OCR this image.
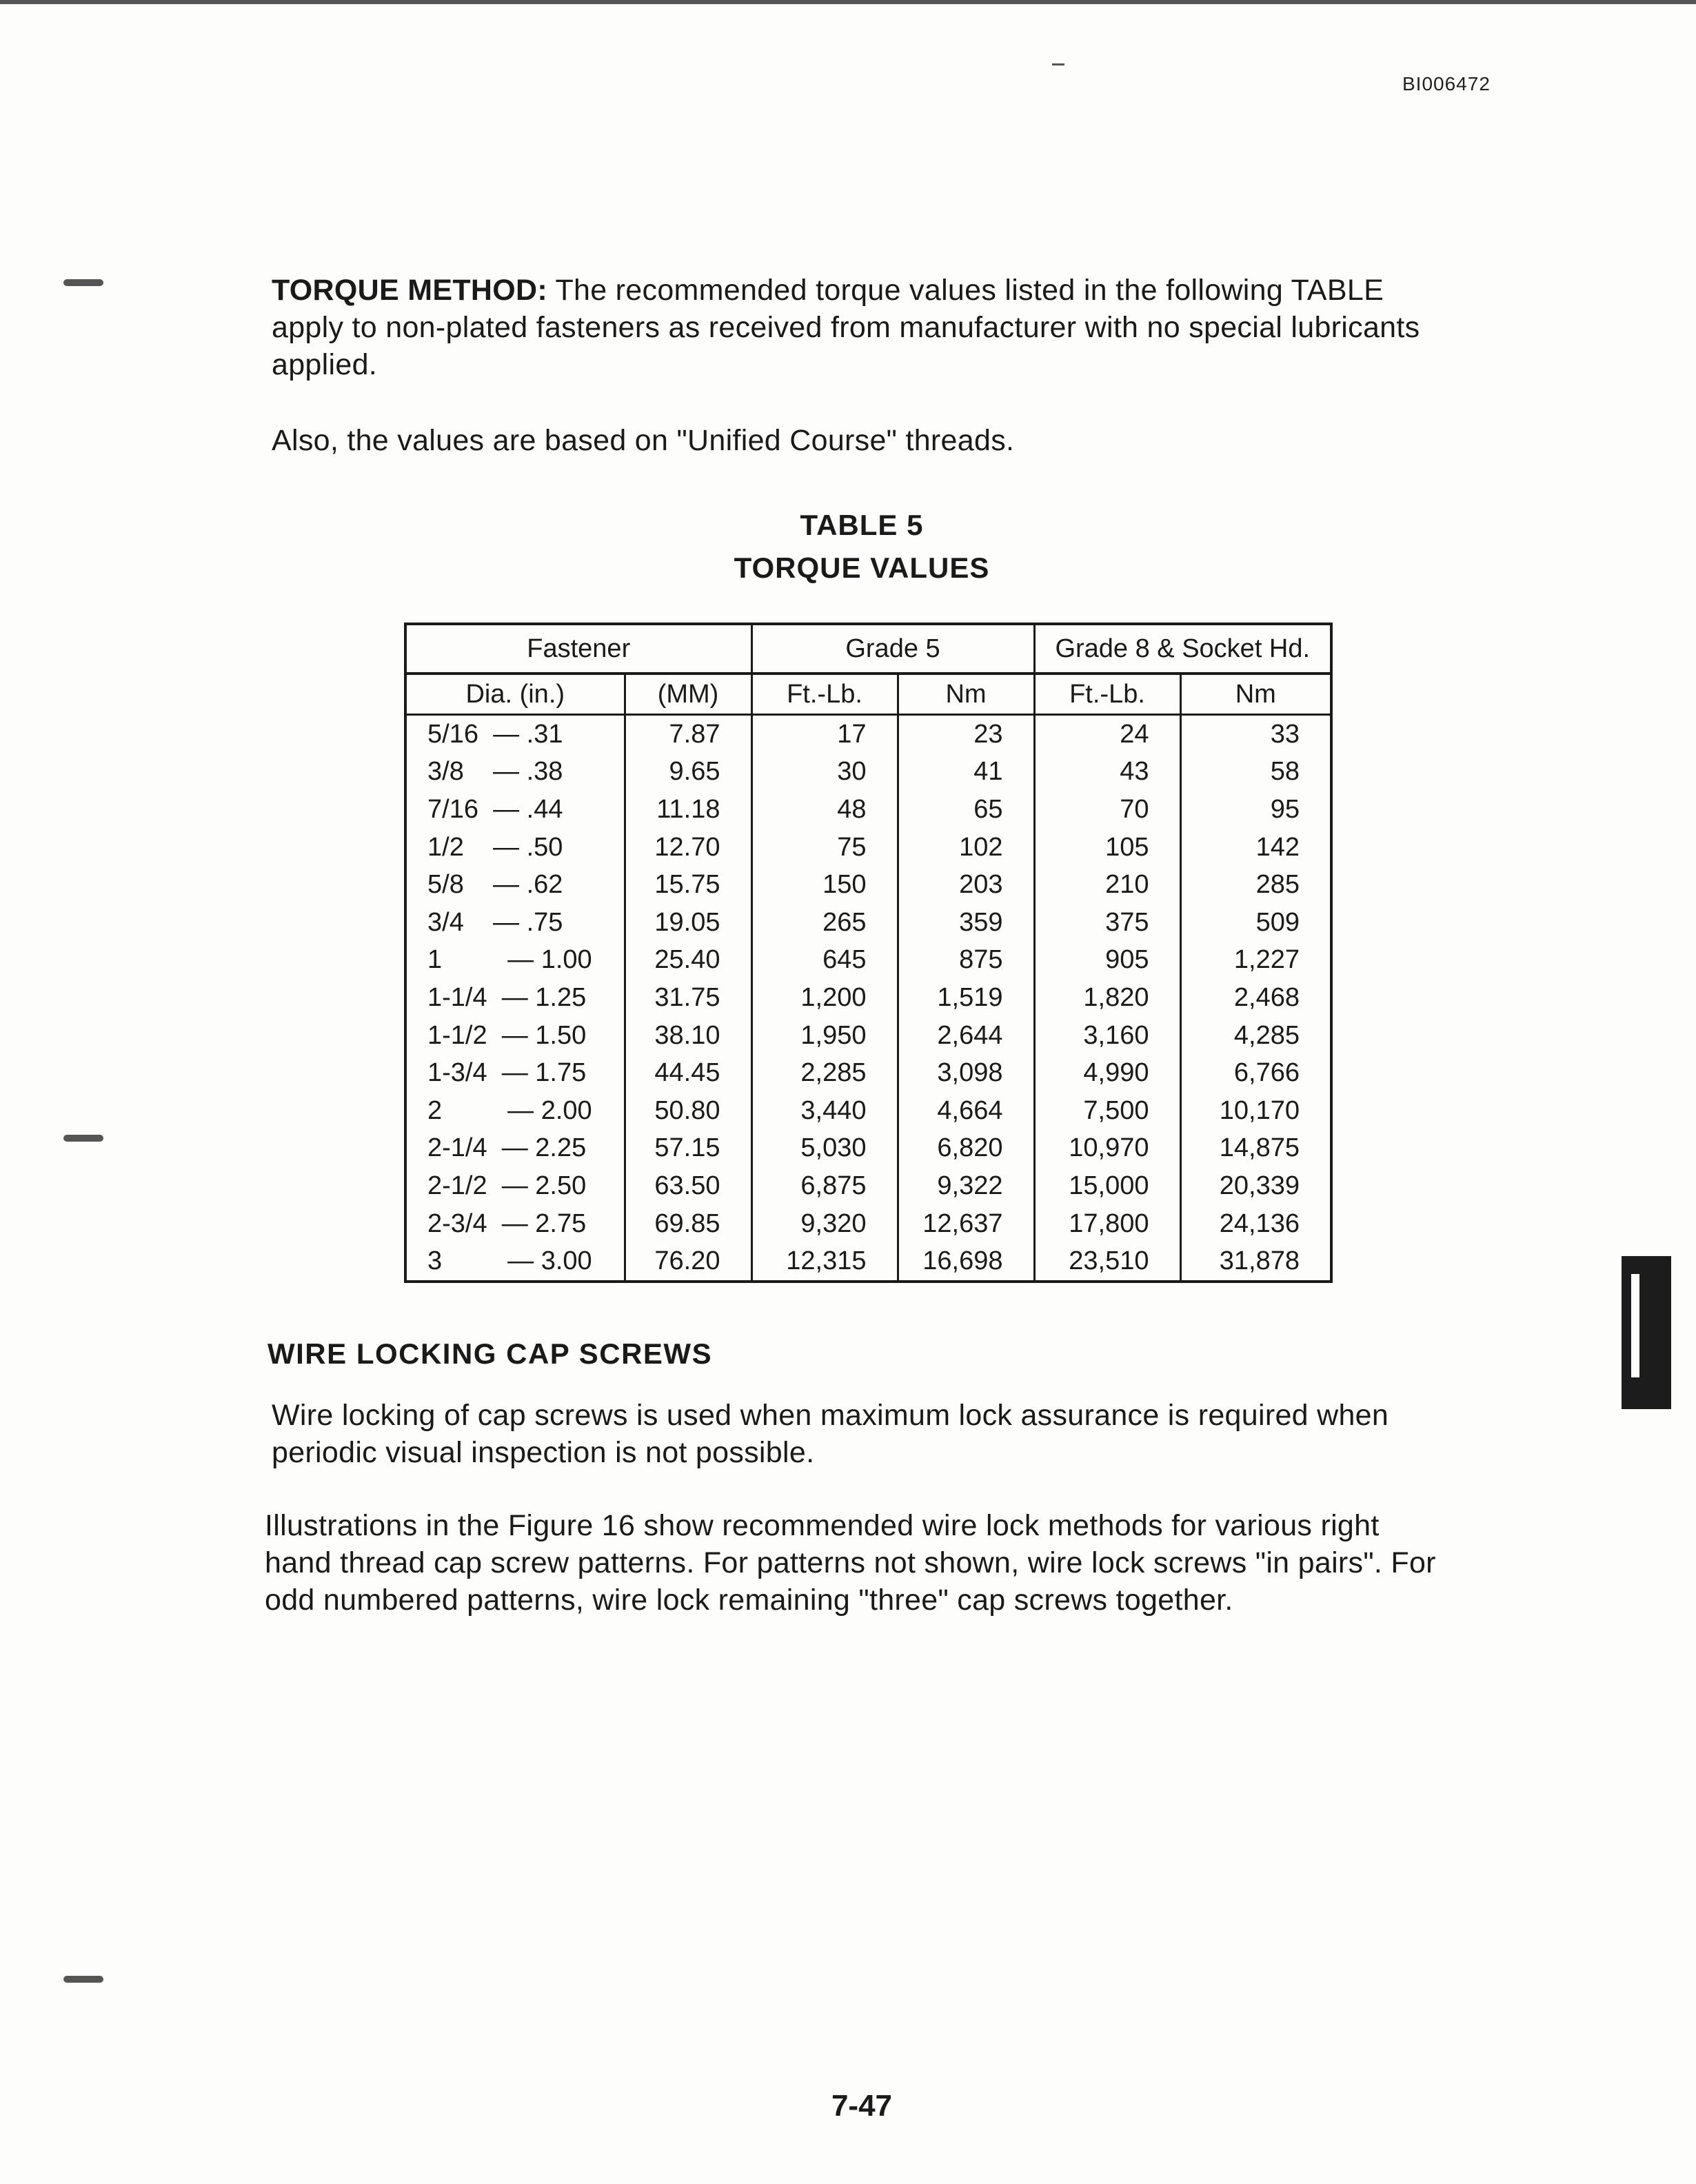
BI006472

TORQUE METHOD: The recommended torque values listed in the following TABLE apply to non-plated fasteners as received from manufacturer with no special lubricants applied.

Also, the values are based on "Unified Course" threads.

TABLE 5
TORQUE VALUES
Fastener		Grade 5		Grade 8 & Socket Hd.	
Dia. (in.)	(MM)	Ft.-Lb.	Nm	Ft.-Lb.	Nm
5/16  — .31	7.87	17	23	24	33
3/8    — .38	9.65	30	41	43	58
7/16  — .44	11.18	48	65	70	95
1/2    — .50	12.70	75	102	105	142
5/8    — .62	15.75	150	203	210	285
3/4    — .75	19.05	265	359	375	509
1         — 1.00	25.40	645	875	905	1,227
1-1/4  — 1.25	31.75	1,200	1,519	1,820	2,468
1-1/2  — 1.50	38.10	1,950	2,644	3,160	4,285
1-3/4  — 1.75	44.45	2,285	3,098	4,990	6,766
2         — 2.00	50.80	3,440	4,664	7,500	10,170
2-1/4  — 2.25	57.15	5,030	6,820	10,970	14,875
2-1/2  — 2.50	63.50	6,875	9,322	15,000	20,339
2-3/4  — 2.75	69.85	9,320	12,637	17,800	24,136
3         — 3.00	76.20	12,315	16,698	23,510	31,878
WIRE LOCKING CAP SCREWS

Wire locking of cap screws is used when maximum lock assurance is required when periodic visual inspection is not possible.

Illustrations in the Figure 16 show recommended wire lock methods for various right hand thread cap screw patterns. For patterns not shown, wire lock screws "in pairs". For odd numbered patterns, wire lock remaining "three" cap screws together.

7-47
